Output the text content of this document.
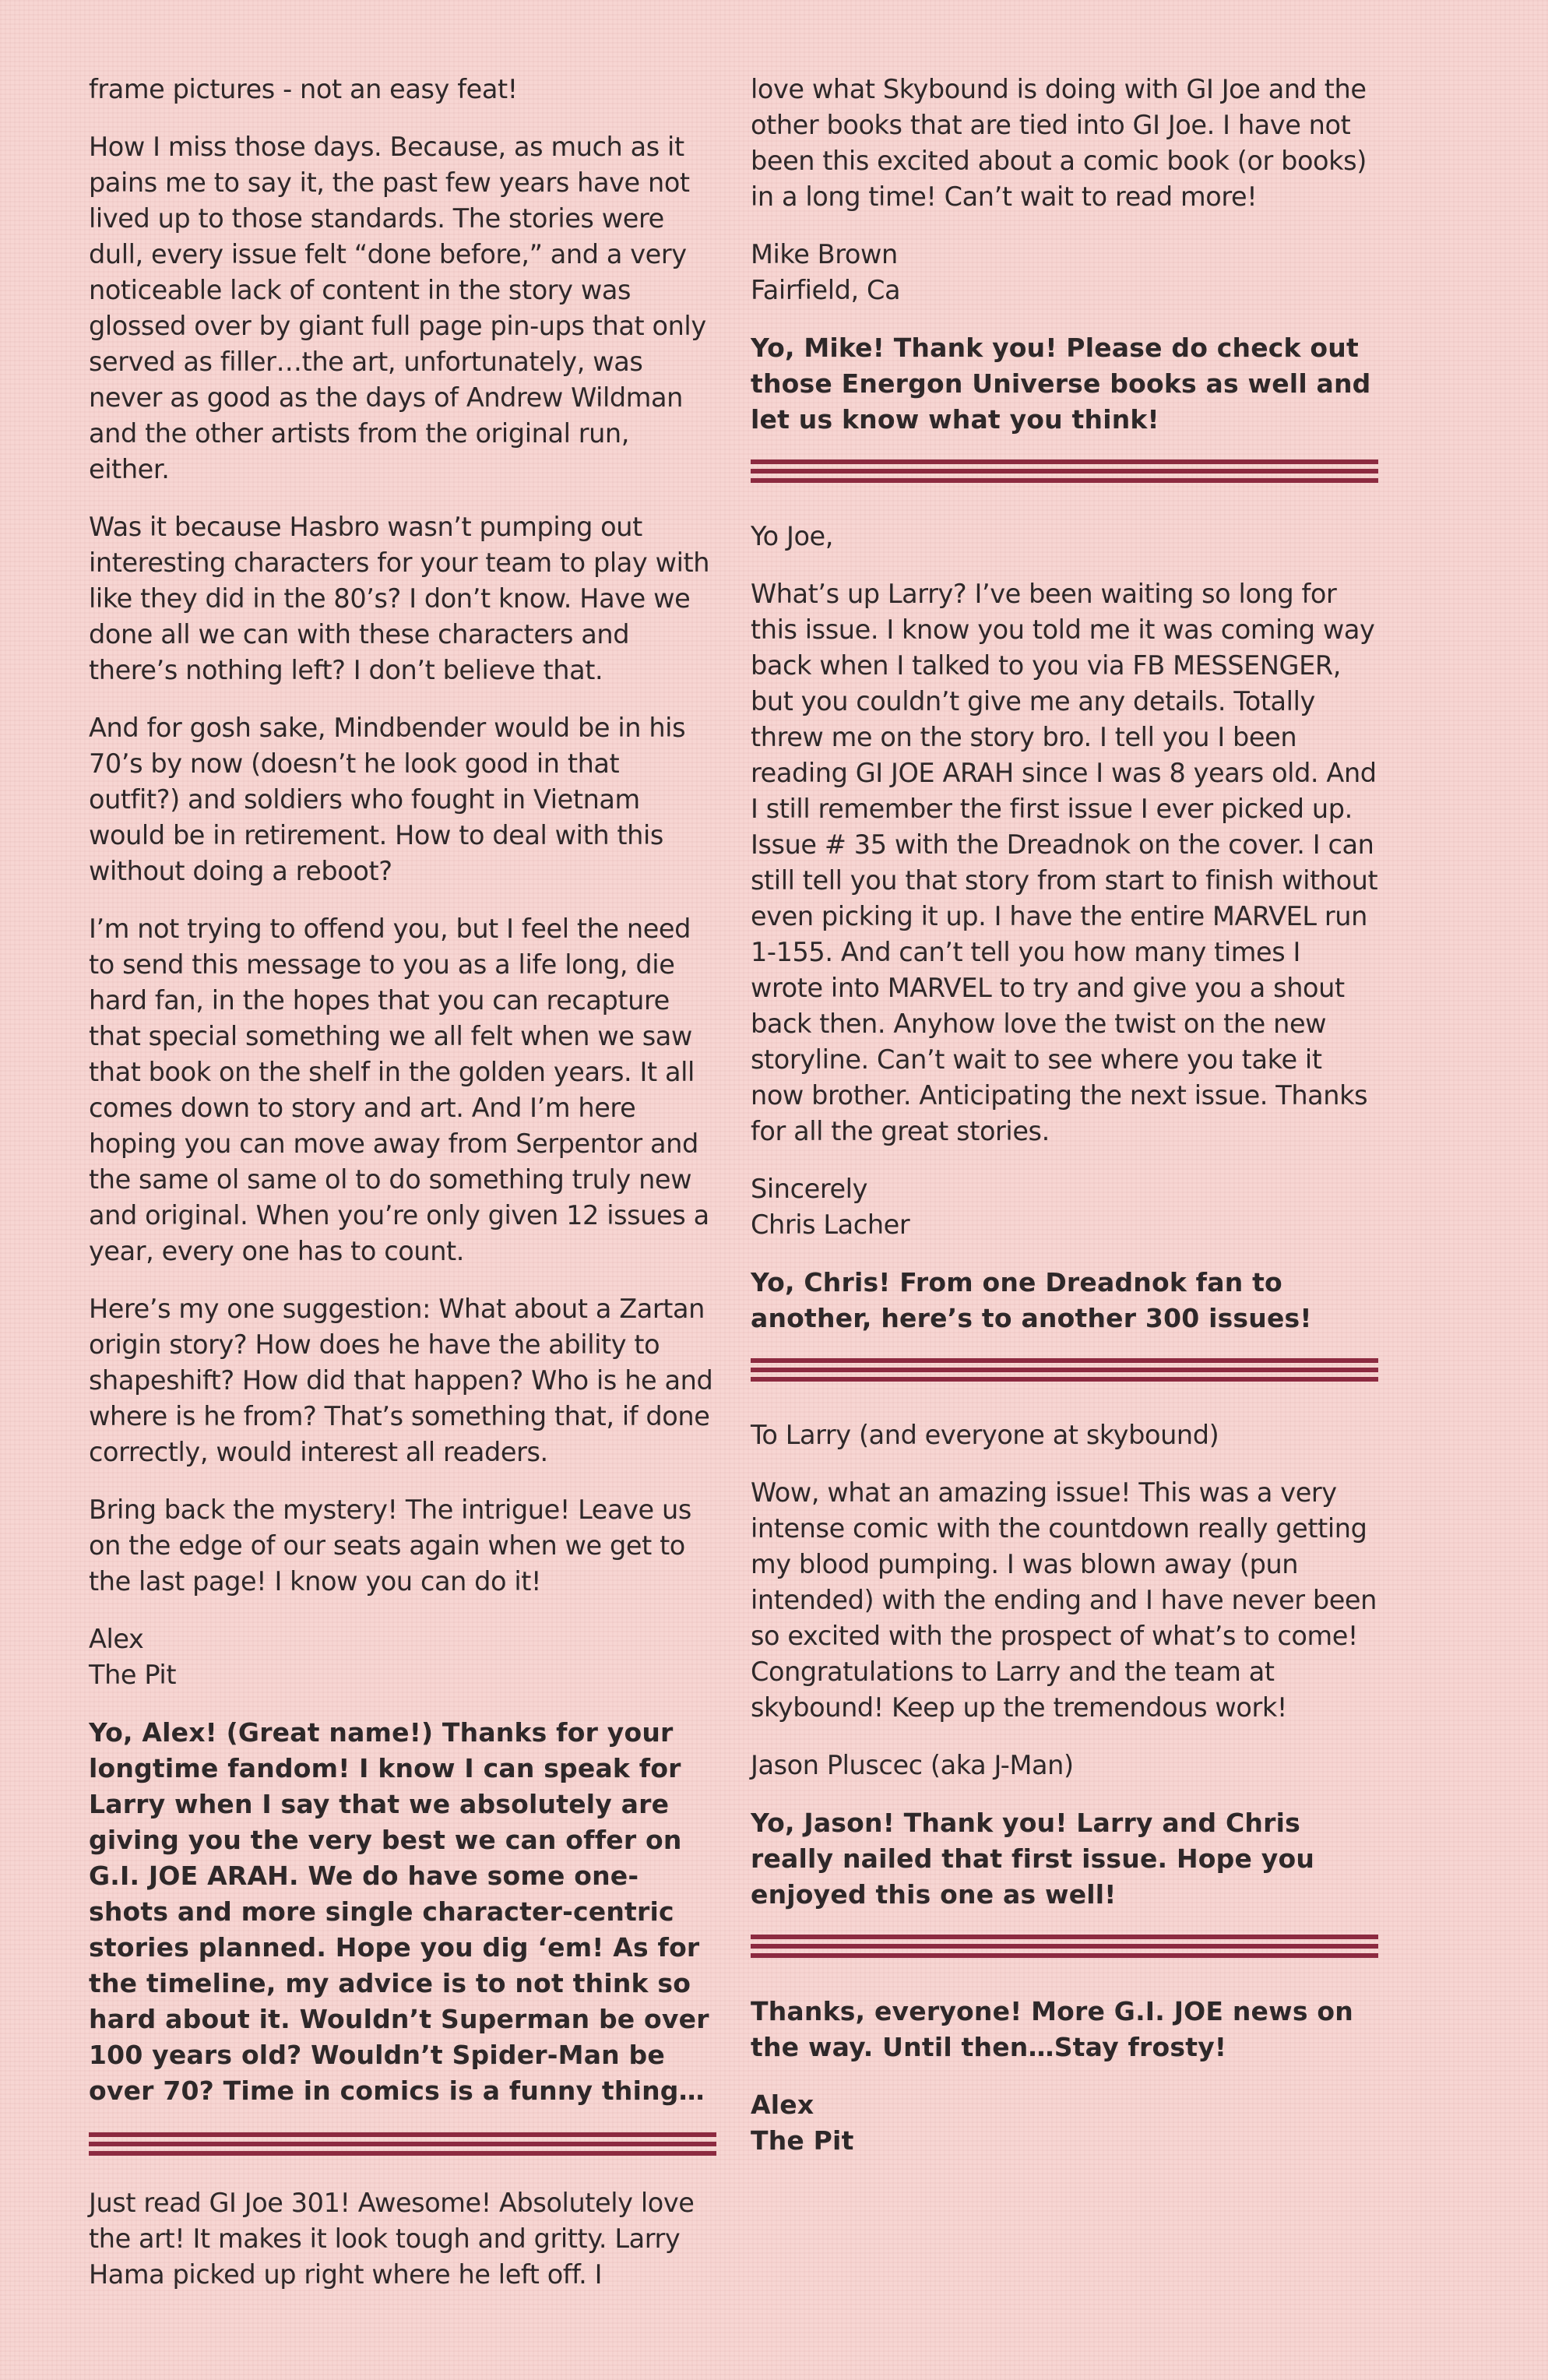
frame pictures - not an easy feat!

How I miss those days. Because, as much as it pains me to say it, the past few years have not lived up to those standards. The stories were dull, every issue felt “done before,” and a very noticeable lack of content in the story was glossed over by giant full page pin-ups that only served as filler…the art, unfortunately, was never as good as the days of Andrew Wildman and the other artists from the original run, either.

Was it because Hasbro wasn’t pumping out interesting characters for your team to play with like they did in the 80’s? I don’t know. Have we done all we can with these characters and there’s nothing left? I don’t believe that.

And for gosh sake, Mindbender would be in his 70’s by now (doesn’t he look good in that outfit?) and soldiers who fought in Vietnam would be in retirement. How to deal with this without doing a reboot?

I’m not trying to offend you, but I feel the need to send this message to you as a life long, die hard fan, in the hopes that you can recapture that special something we all felt when we saw that book on the shelf in the golden years. It all comes down to story and art. And I’m here hoping you can move away from Serpentor and the same ol same ol to do something truly new and original. When you’re only given 12 issues a year, every one has to count.

Here’s my one suggestion: What about a Zartan origin story? How does he have the ability to shapeshift? How did that happen? Who is he and where is he from? That’s something that, if done correctly, would interest all readers.

Bring back the mystery! The intrigue! Leave us on the edge of our seats again when we get to the last page! I know you can do it!

Alex
The Pit

Yo, Alex! (Great name!) Thanks for your longtime fandom! I know I can speak for Larry when I say that we absolutely are giving you the very best we can offer on G.I. JOE ARAH. We do have some one-shots and more single character-centric stories planned. Hope you dig ‘em! As for the timeline, my advice is to not think so hard about it. Wouldn’t Superman be over 100 years old? Wouldn’t Spider-Man be over 70? Time in comics is a funny thing…

Just read GI Joe 301! Awesome! Absolutely love the art! It makes it look tough and gritty. Larry Hama picked up right where he left off. I

love what Skybound is doing with GI Joe and the other books that are tied into GI Joe. I have not been this excited about a comic book (or books) in a long time! Can’t wait to read more!

Mike Brown
Fairfield, Ca

Yo, Mike! Thank you! Please do check out those Energon Universe books as well and let us know what you think!

Yo Joe,

What’s up Larry? I’ve been waiting so long for this issue. I know you told me it was coming way back when I talked to you via FB MESSENGER, but you couldn’t give me any details. Totally threw me on the story bro. I tell you I been reading GI JOE ARAH since I was 8 years old. And I still remember the first issue I ever picked up. Issue # 35 with the Dreadnok on the cover. I can still tell you that story from start to finish without even picking it up. I have the entire MARVEL run 1-155. And can’t tell you how many times I wrote into MARVEL to try and give you a shout back then. Anyhow love the twist on the new storyline. Can’t wait to see where you take it now brother. Anticipating the next issue. Thanks for all the great stories.

Sincerely
Chris Lacher

Yo, Chris! From one Dreadnok fan to another, here’s to another 300 issues!

To Larry (and everyone at skybound)

Wow, what an amazing issue! This was a very intense comic with the countdown really getting my blood pumping. I was blown away (pun intended) with the ending and I have never been so excited with the prospect of what’s to come! Congratulations to Larry and the team at skybound! Keep up the tremendous work!

Jason Pluscec (aka J-Man)

Yo, Jason! Thank you! Larry and Chris really nailed that first issue. Hope you enjoyed this one as well!

Thanks, everyone! More G.I. JOE news on the way. Until then…Stay frosty!

Alex
The Pit
